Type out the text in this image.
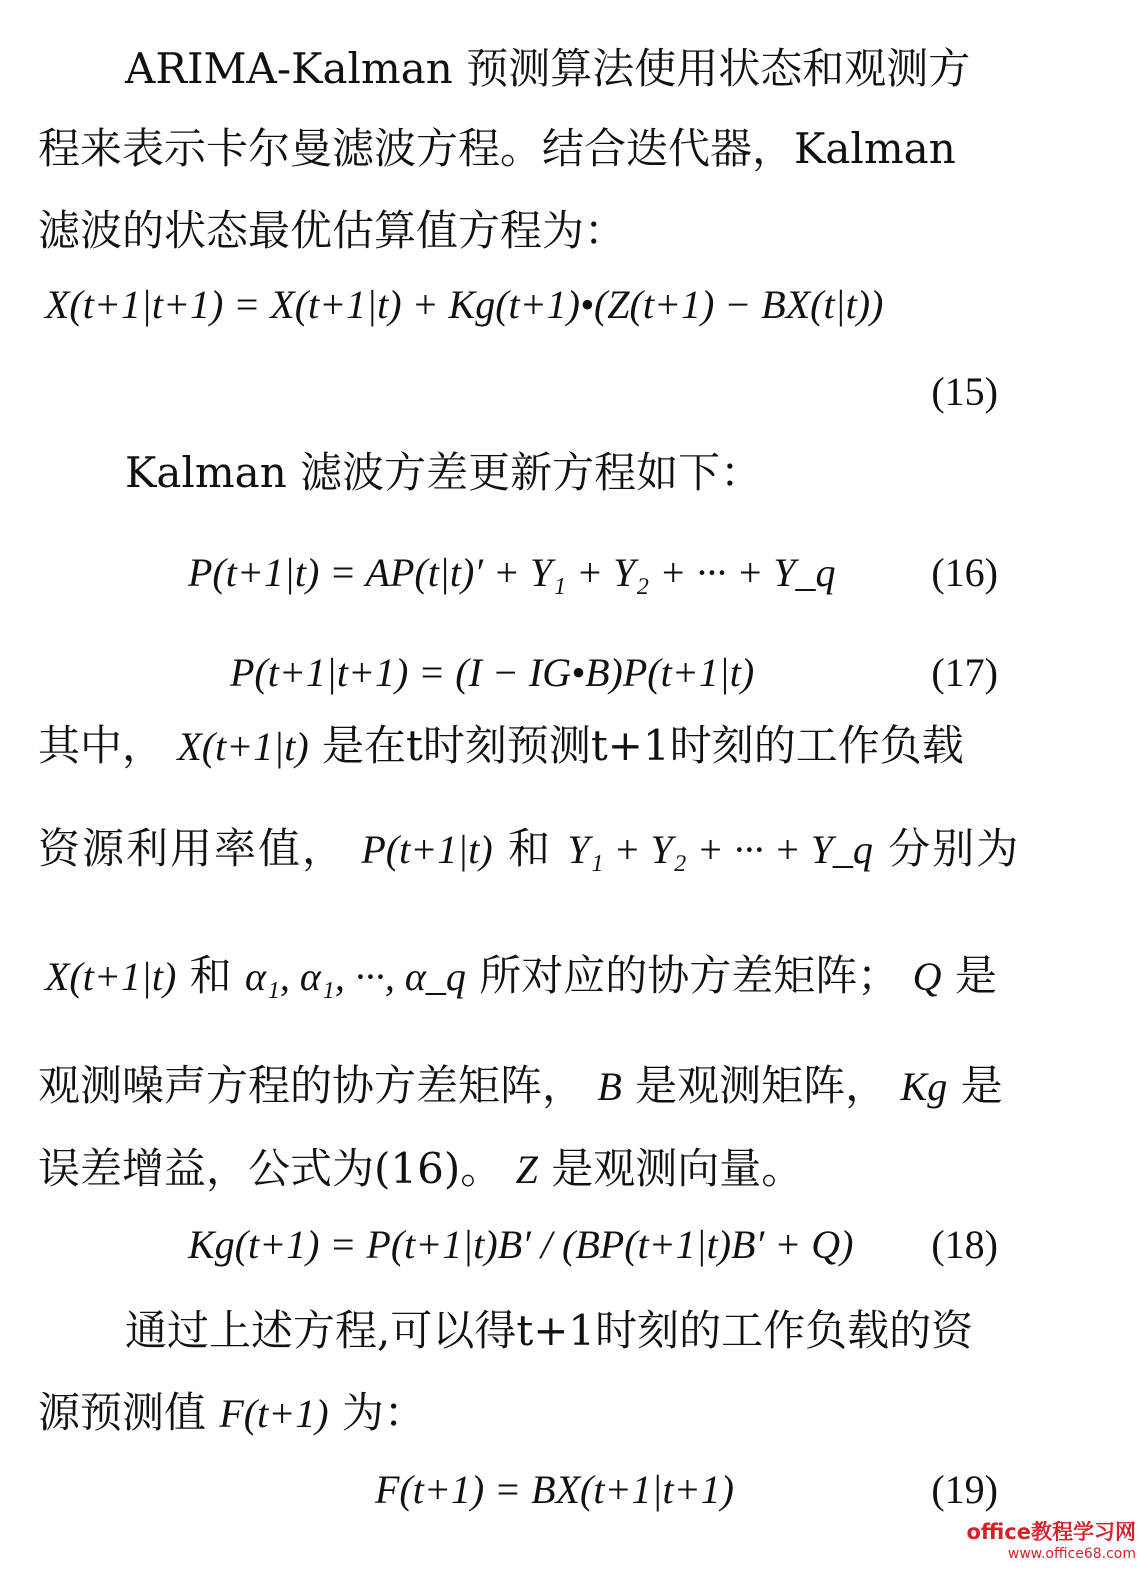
ARIMA-Kalman 预测算法使用状态和观测方
程来表示卡尔曼滤波方程。结合迭代器，Kalman
滤波的状态最优估算值方程为：
X(t+1|t+1) = X(t+1|t) + Kg(t+1)•(Z(t+1) − BX(t|t))
(15)
Kalman 滤波方差更新方程如下：
P(t+1|t) = AP(t|t)′ + Y₁ + Y₂ + ··· + Y_q (16)
P(t+1|t+1) = (I − IG•B)P(t+1|t)	(17)
其中， X(t+1|t) 是在t时刻预测t+1时刻的工作负载
资源利用率值， P(t+1|t) 和 Y₁ + Y₂ + ··· + Y_q 分别为
X(t+1|t) 和 α₁, α₁, ···, α_q 所对应的协方差矩阵； Q 是
观测噪声方程的协方差矩阵， B 是观测矩阵， Kg 是
误差增益，公式为(16)。 Z 是观测向量。
Kg(t+1) = P(t+1|t)B′ / (BP(t+1|t)B′ + Q) (18)
通过上述方程,可以得t+1时刻的工作负载的资
源预测值 F(t+1) 为：
F(t+1) = BX(t+1|t+1)	(19)
office教程学习网
www.office68.com
